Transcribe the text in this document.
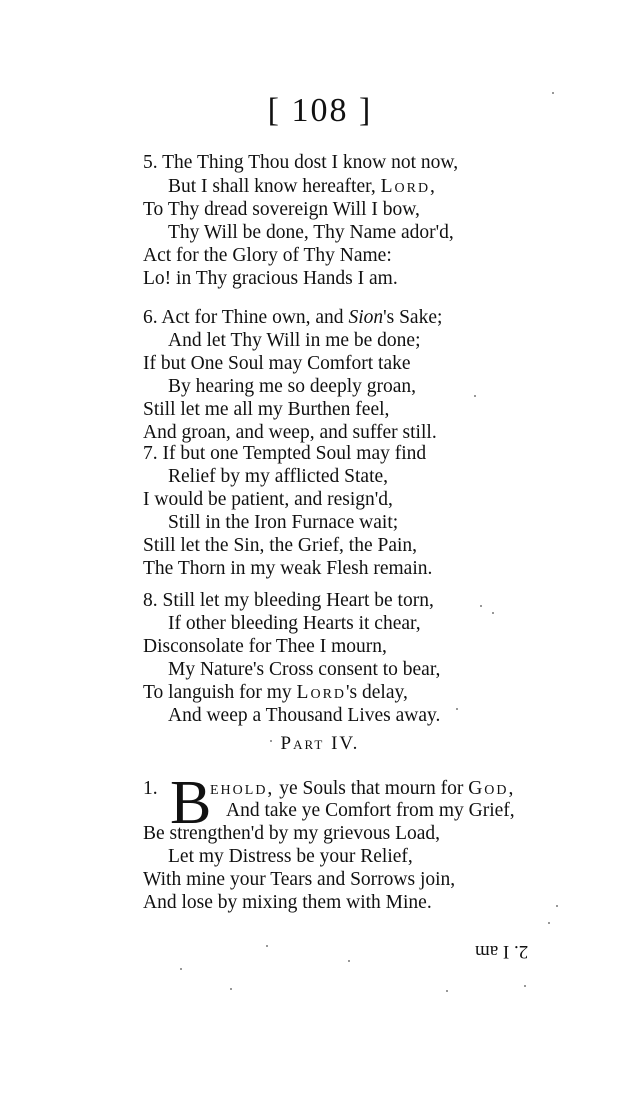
[ 108 ]
5. The Thing Thou dost I know not now,
But I shall know hereafter, Lord,
To Thy dread sovereign Will I bow,
Thy Will be done, Thy Name ador'd,
Act for the Glory of Thy Name:
Lo! in Thy gracious Hands I am.
6. Act for Thine own, and Sion's Sake;
And let Thy Will in me be done;
If but One Soul may Comfort take
By hearing me so deeply groan,
Still let me all my Burthen feel,
And groan, and weep, and suffer still.
7. If but one Tempted Soul may find
Relief by my afflicted State,
I would be patient, and resign'd,
Still in the Iron Furnace wait;
Still let the Sin, the Grief, the Pain,
The Thorn in my weak Flesh remain.
8. Still let my bleeding Heart be torn,
If other bleeding Hearts it chear,
Disconsolate for Thee I mourn,
My Nature's Cross consent to bear,
To languish for my Lord's delay,
And weep a Thousand Lives away.
Part IV.
1. B
ehold, ye Souls that mourn for God,
And take ye Comfort from my Grief,
Be strengthen'd by my grievous Load,
Let my Distress be your Relief,
With mine your Tears and Sorrows join,
And lose by mixing them with Mine.
2. I am
